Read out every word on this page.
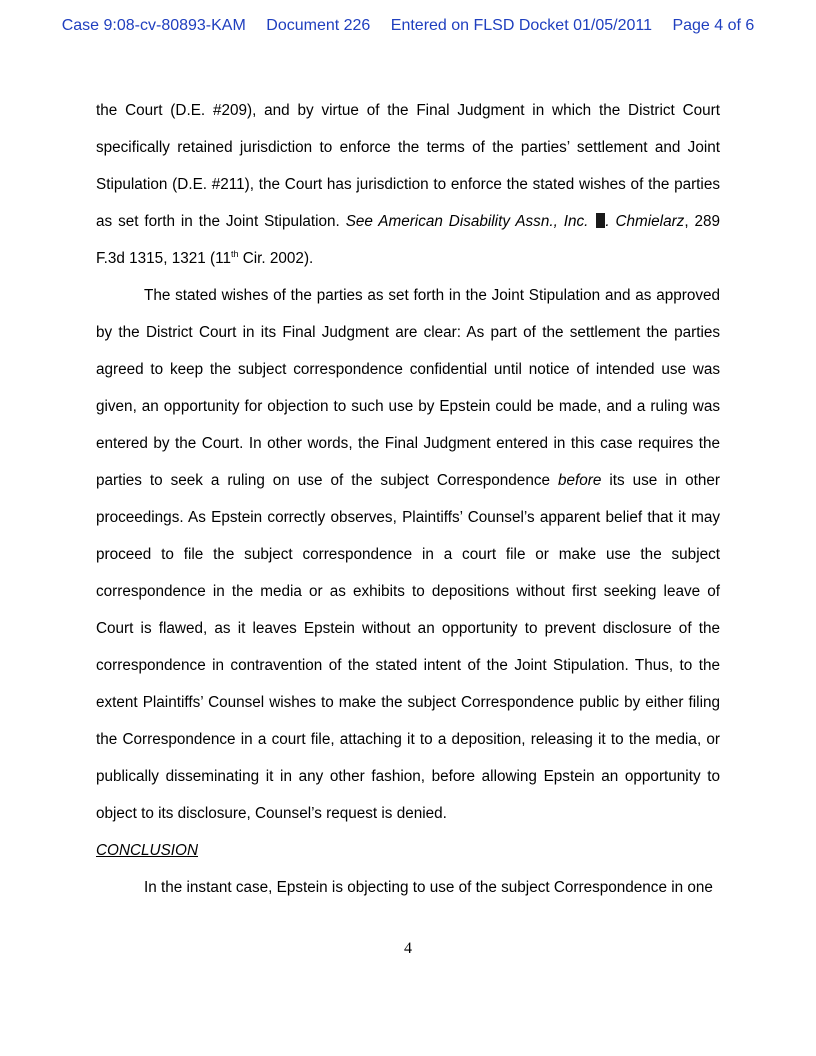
Case 9:08-cv-80893-KAM Document 226 Entered on FLSD Docket 01/05/2011 Page 4 of 6

the Court (D.E. #209), and by virtue of the Final Judgment in which the District Court specifically retained jurisdiction to enforce the terms of the parties’ settlement and Joint Stipulation (D.E. #211), the Court has jurisdiction to enforce the stated wishes of the parties as set forth in the Joint Stipulation. See American Disability Assn., Inc. . Chmielarz, 289 F.3d 1315, 1321 (11th Cir. 2002).

The stated wishes of the parties as set forth in the Joint Stipulation and as approved by the District Court in its Final Judgment are clear: As part of the settlement the parties agreed to keep the subject correspondence confidential until notice of intended use was given, an opportunity for objection to such use by Epstein could be made, and a ruling was entered by the Court. In other words, the Final Judgment entered in this case requires the parties to seek a ruling on use of the subject Correspondence before its use in other proceedings. As Epstein correctly observes, Plaintiffs’ Counsel’s apparent belief that it may proceed to file the subject correspondence in a court file or make use the subject correspondence in the media or as exhibits to depositions without first seeking leave of Court is flawed, as it leaves Epstein without an opportunity to prevent disclosure of the correspondence in contravention of the stated intent of the Joint Stipulation. Thus, to the extent Plaintiffs’ Counsel wishes to make the subject Correspondence public by either filing the Correspondence in a court file, attaching it to a deposition, releasing it to the media, or publically disseminating it in any other fashion, before allowing Epstein an opportunity to object to its disclosure, Counsel’s request is denied.

CONCLUSION

In the instant case, Epstein is objecting to use of the subject Correspondence in one

4
